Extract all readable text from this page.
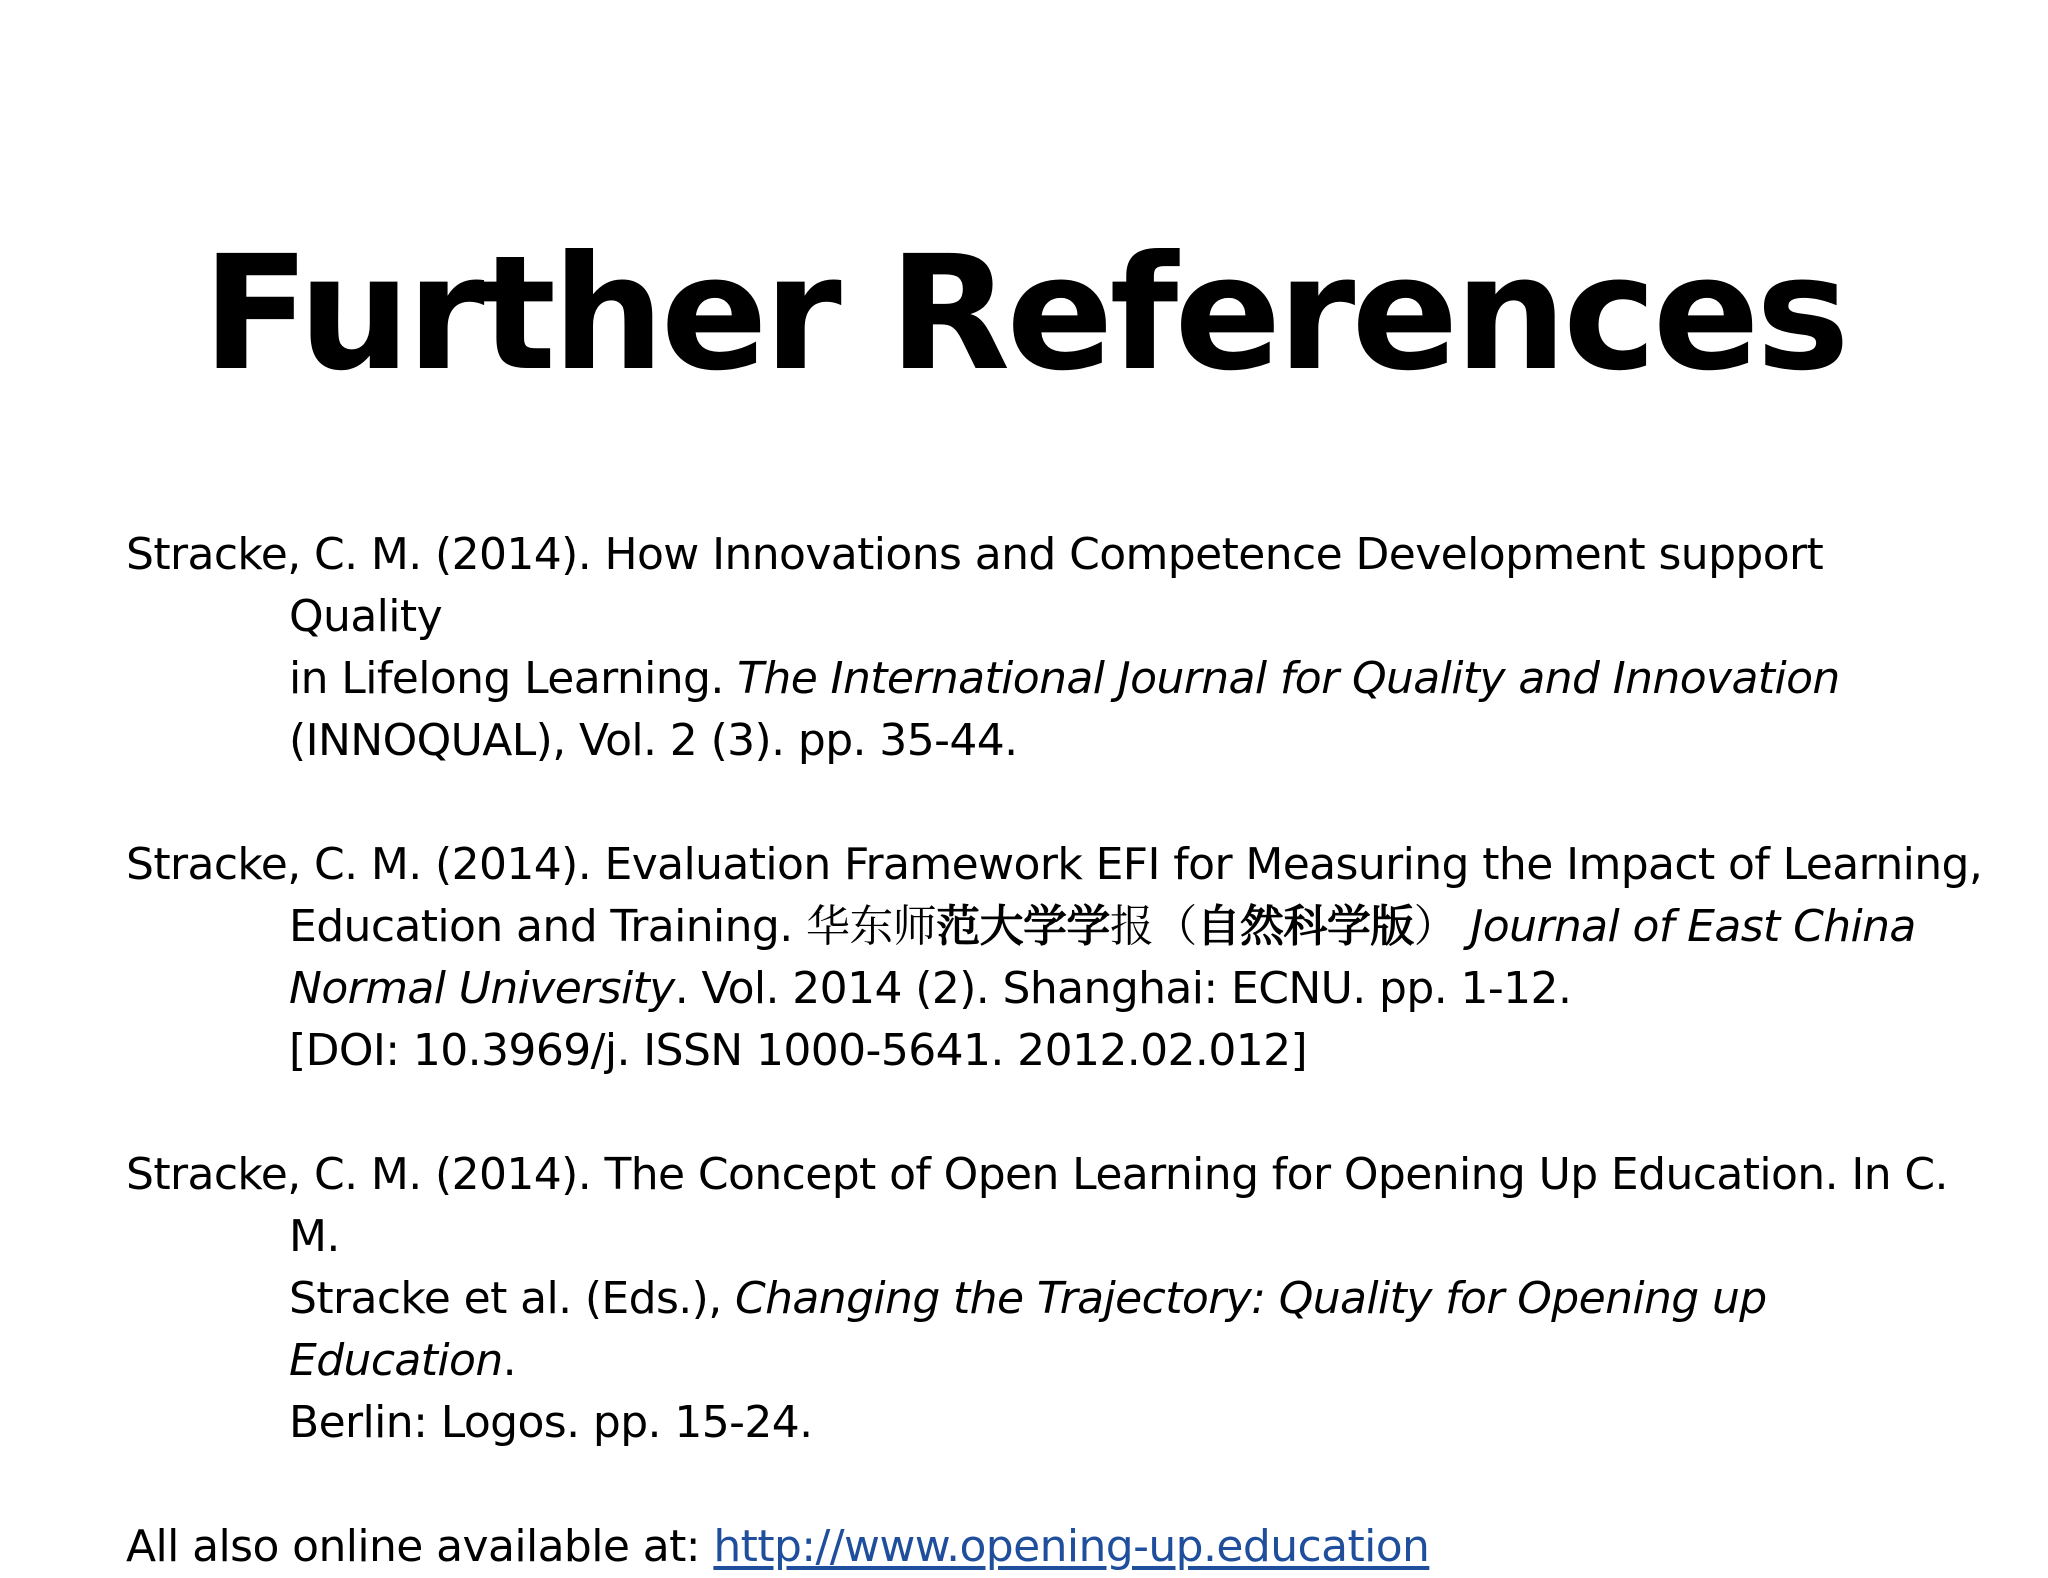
Further References
Stracke, C. M. (2014). How Innovations and Competence Development support Quality
in Lifelong Learning. The International Journal for Quality and Innovation
(INNOQUAL), Vol. 2 (3). pp. 35-44.
Stracke, C. M. (2014). Evaluation Framework EFI for Measuring the Impact of Learning,
Education and Training. 华东师范大学学报（自然科学版） Journal of East China
Normal University. Vol. 2014 (2). Shanghai: ECNU. pp. 1-12.
[DOI: 10.3969/j. ISSN 1000-5641. 2012.02.012]
Stracke, C. M. (2014). The Concept of Open Learning for Opening Up Education. In C. M.
Stracke et al. (Eds.), Changing the Trajectory: Quality for Opening up Education.
Berlin: Logos. pp. 15-24.

All also online available at: http://www.opening-up.education
